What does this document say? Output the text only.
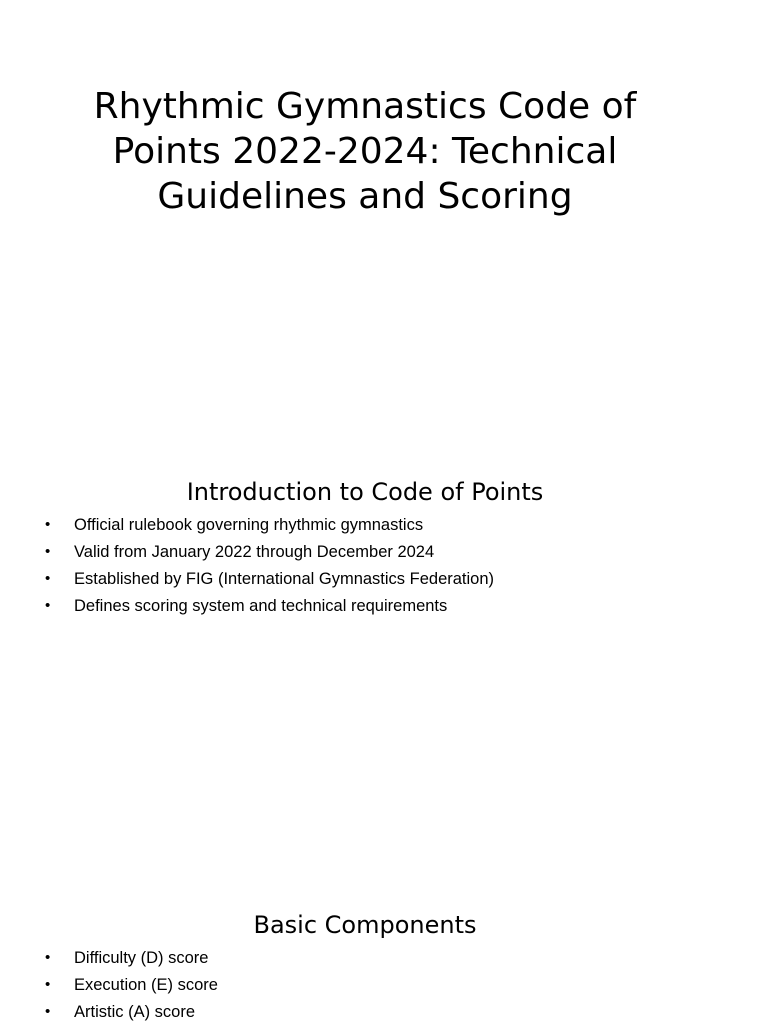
Rhythmic Gymnastics Code of Points 2022-2024: Technical Guidelines and Scoring
Introduction to Code of Points
• Official rulebook governing rhythmic gymnastics
• Valid from January 2022 through December 2024
• Established by FIG (International Gymnastics Federation)
• Defines scoring system and technical requirements
Basic Components
• Difficulty (D) score
• Execution (E) score
• Artistic (A) score
